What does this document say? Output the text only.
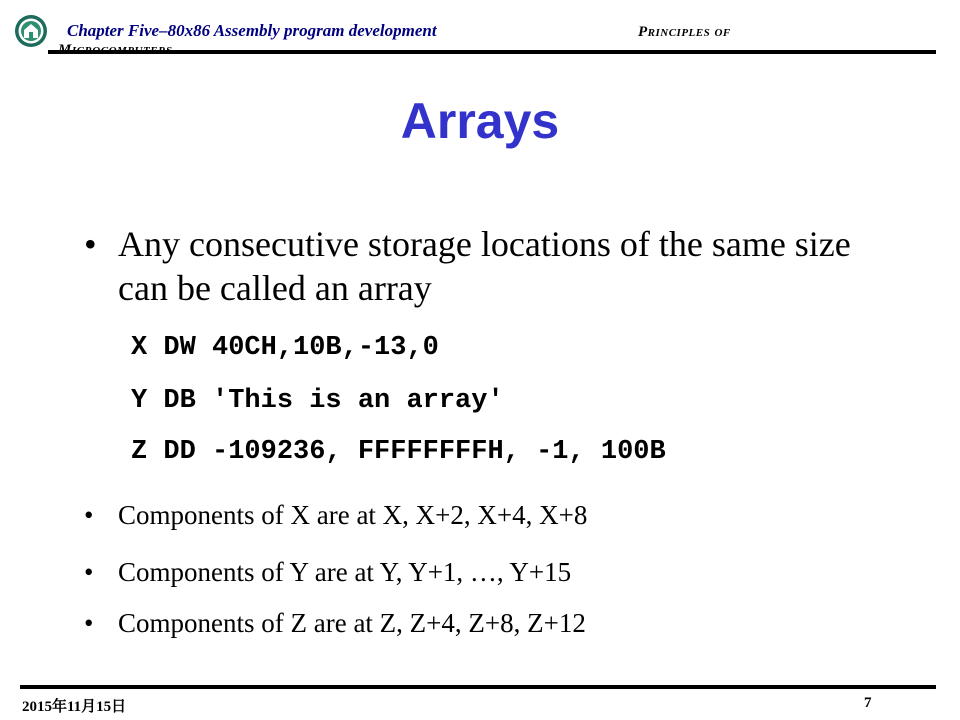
Principles of
Chapter Five–80x86 Assembly program development
Arrays
• Any consecutive storage locations of the same size can be called an array
X DW 40CH,10B,-13,0
Y DB 'This is an array'
Z DD -109236, FFFFFFFFH, -1, 100B
• Components of X are at X, X+2, X+4, X+8
• Components of Y are at Y, Y+1, …, Y+15
• Components of Z are at Z, Z+4, Z+8, Z+12
2015年11月15日	7
